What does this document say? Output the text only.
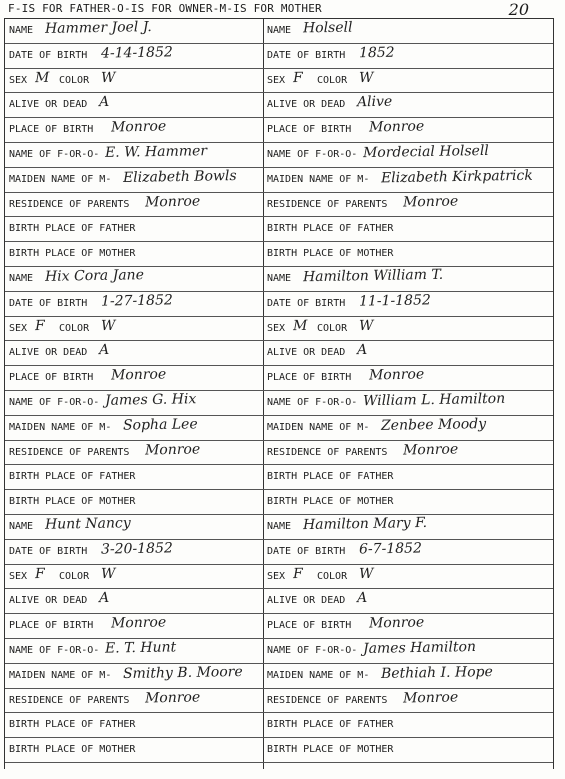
F-IS FOR FATHER-O-IS FOR OWNER-M-IS FOR MOTHER	20
NAME Hammer Joel J.
DATE OF BIRTH 4-14-1852
SEX M COLOR W
ALIVE OR DEAD A
PLACE OF BIRTH Monroe
NAME OF F-OR-O- E. W. Hammer
MAIDEN NAME OF M- Elizabeth Bowls
RESIDENCE OF PARENTS Monroe
BIRTH PLACE OF FATHER
BIRTH PLACE OF MOTHER
NAME Hix Cora Jane
DATE OF BIRTH 1-27-1852
SEX F COLOR W
ALIVE OR DEAD A
PLACE OF BIRTH Monroe
NAME OF F-OR-O- James G. Hix
MAIDEN NAME OF M- Sopha Lee
RESIDENCE OF PARENTS Monroe
BIRTH PLACE OF FATHER
BIRTH PLACE OF MOTHER
NAME Hunt Nancy
DATE OF BIRTH 3-20-1852
SEX F COLOR W
ALIVE OR DEAD A
PLACE OF BIRTH Monroe
NAME OF F-OR-O- E. T. Hunt
MAIDEN NAME OF M- Smithy B. Moore
RESIDENCE OF PARENTS Monroe
BIRTH PLACE OF FATHER
BIRTH PLACE OF MOTHER
NAME Holsell
DATE OF BIRTH 1852
SEX F COLOR W
ALIVE OR DEAD Alive
PLACE OF BIRTH Monroe
NAME OF F-OR-O- Mordecial Holsell
MAIDEN NAME OF M- Elizabeth Kirkpatrick
RESIDENCE OF PARENTS Monroe
BIRTH PLACE OF FATHER
BIRTH PLACE OF MOTHER
NAME Hamilton William T.
DATE OF BIRTH 11-1-1852
SEX M COLOR W
ALIVE OR DEAD A
PLACE OF BIRTH Monroe
NAME OF F-OR-O- William L. Hamilton
MAIDEN NAME OF M- Zenbee Moody
RESIDENCE OF PARENTS Monroe
BIRTH PLACE OF FATHER
BIRTH PLACE OF MOTHER
NAME Hamilton Mary F.
DATE OF BIRTH 6-7-1852
SEX F COLOR W
ALIVE OR DEAD A
PLACE OF BIRTH Monroe
NAME OF F-OR-O- James Hamilton
MAIDEN NAME OF M- Bethiah I. Hope
RESIDENCE OF PARENTS Monroe
BIRTH PLACE OF FATHER
BIRTH PLACE OF MOTHER
